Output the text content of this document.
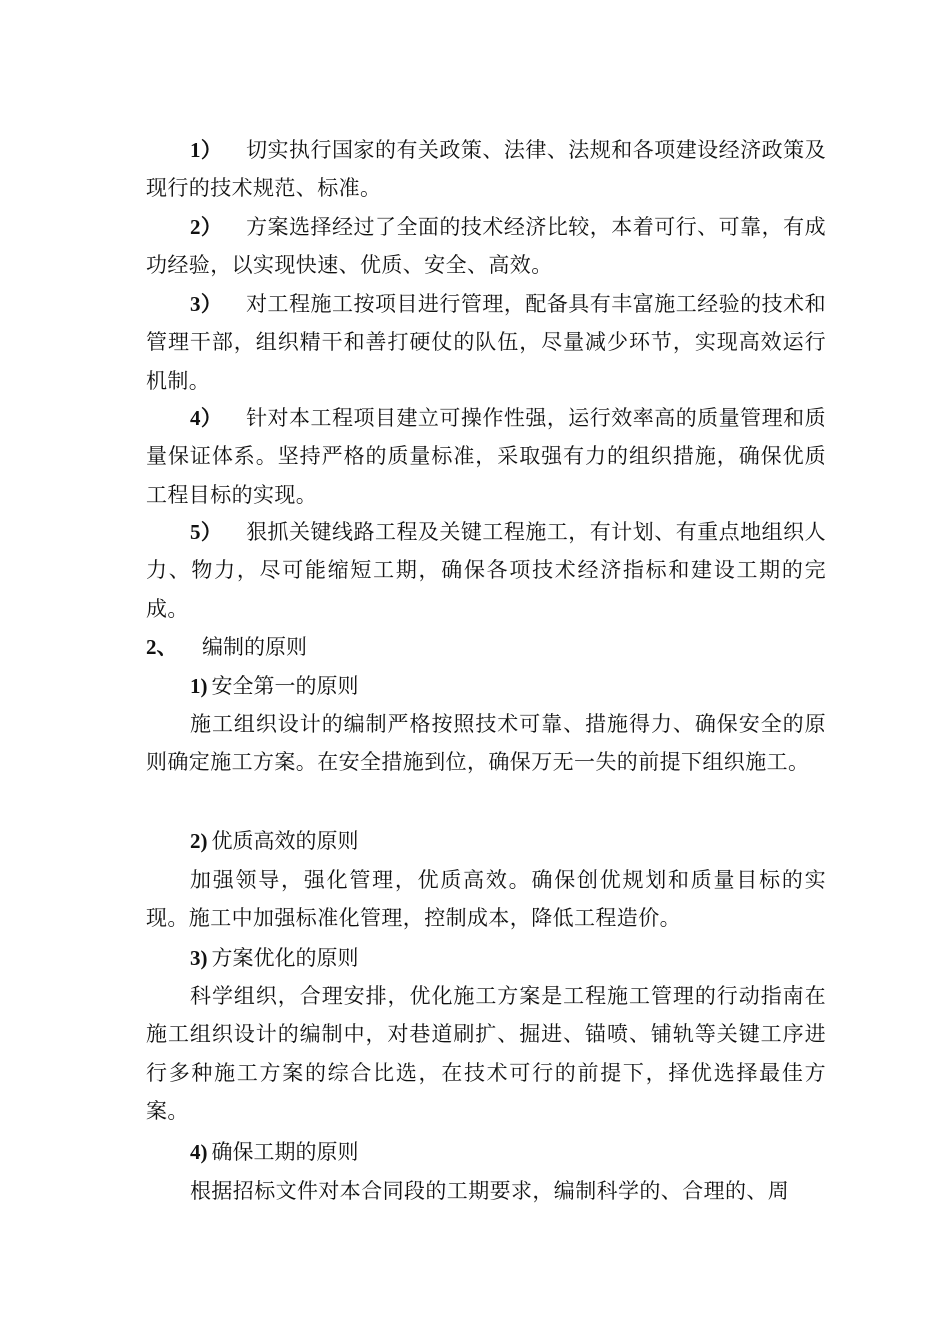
1） 切实执行国家的有关政策、法律、法规和各项建设经济政策及现行的技术规范、标准。

2） 方案选择经过了全面的技术经济比较，本着可行、可靠，有成功经验，以实现快速、优质、安全、高效。

3） 对工程施工按项目进行管理，配备具有丰富施工经验的技术和管理干部，组织精干和善打硬仗的队伍，尽量减少环节，实现高效运行机制。

4） 针对本工程项目建立可操作性强，运行效率高的质量管理和质量保证体系。坚持严格的质量标准，采取强有力的组织措施，确保优质工程目标的实现。

5） 狠抓关键线路工程及关键工程施工，有计划、有重点地组织人力、物力，尽可能缩短工期，确保各项技术经济指标和建设工期的完成。

2、 编制的原则

1) 安全第一的原则

施工组织设计的编制严格按照技术可靠、措施得力、确保安全的原则确定施工方案。在安全措施到位，确保万无一失的前提下组织施工。

2) 优质高效的原则

加强领导，强化管理，优质高效。确保创优规划和质量目标的实现。施工中加强标准化管理，控制成本，降低工程造价。

3) 方案优化的原则

科学组织，合理安排，优化施工方案是工程施工管理的行动指南在施工组织设计的编制中，对巷道刷扩、掘进、锚喷、铺轨等关键工序进行多种施工方案的综合比选，在技术可行的前提下，择优选择最佳方案。

4) 确保工期的原则

根据招标文件对本合同段的工期要求，编制科学的、合理的、周
